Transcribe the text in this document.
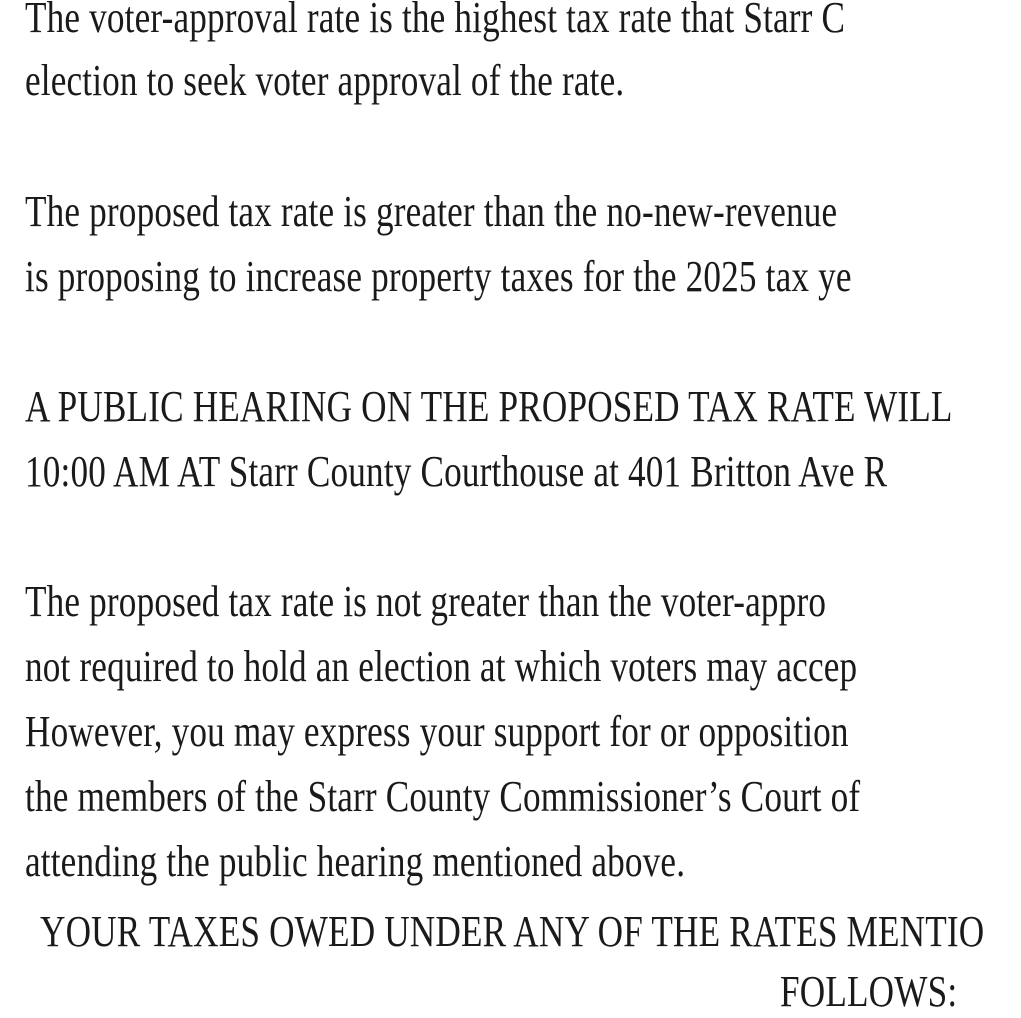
The voter-approval rate is the highest tax rate that Starr C
election to seek voter approval of the rate.
The proposed tax rate is greater than the no-new-revenue
is proposing to increase property taxes for the 2025 tax ye
A PUBLIC HEARING ON THE PROPOSED TAX RATE WILL
10:00 AM AT Starr County Courthouse at 401 Britton Ave R
The proposed tax rate is not greater than the voter-appro
not required to hold an election at which voters may accep
However, you may express your support for or opposition
the members of the Starr County Commissioner’s Court of
attending the public hearing mentioned above.
YOUR TAXES OWED UNDER ANY OF THE RATES MENTIO
FOLLOWS:
